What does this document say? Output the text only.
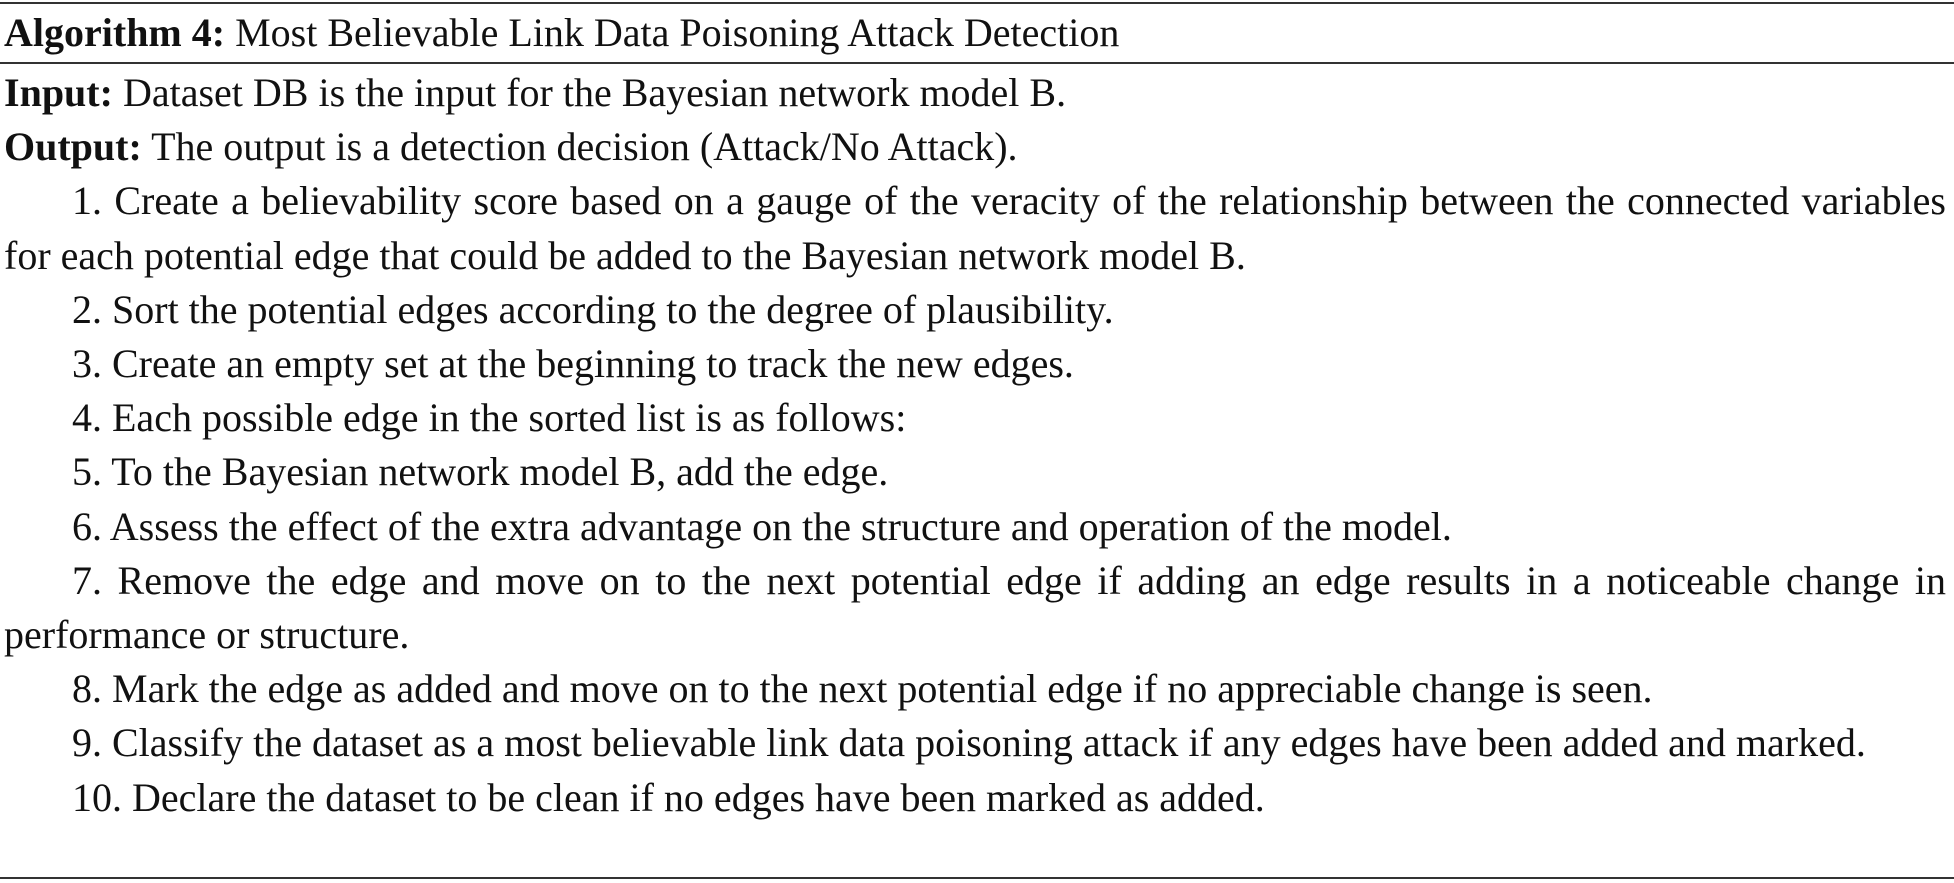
Algorithm 4: Most Believable Link Data Poisoning Attack Detection

Input: Dataset DB is the input for the Bayesian network model B.

Output: The output is a detection decision (Attack/No Attack).

1. Create a believability score based on a gauge of the veracity of the relationship between the connected variables for each potential edge that could be added to the Bayesian network model B.

2. Sort the potential edges according to the degree of plausibility.

3. Create an empty set at the beginning to track the new edges.

4. Each possible edge in the sorted list is as follows:

5. To the Bayesian network model B, add the edge.

6. Assess the effect of the extra advantage on the structure and operation of the model.

7. Remove the edge and move on to the next potential edge if adding an edge results in a noticeable change in performance or structure.

8. Mark the edge as added and move on to the next potential edge if no appreciable change is seen.

9. Classify the dataset as a most believable link data poisoning attack if any edges have been added and marked.

10. Declare the dataset to be clean if no edges have been marked as added.
